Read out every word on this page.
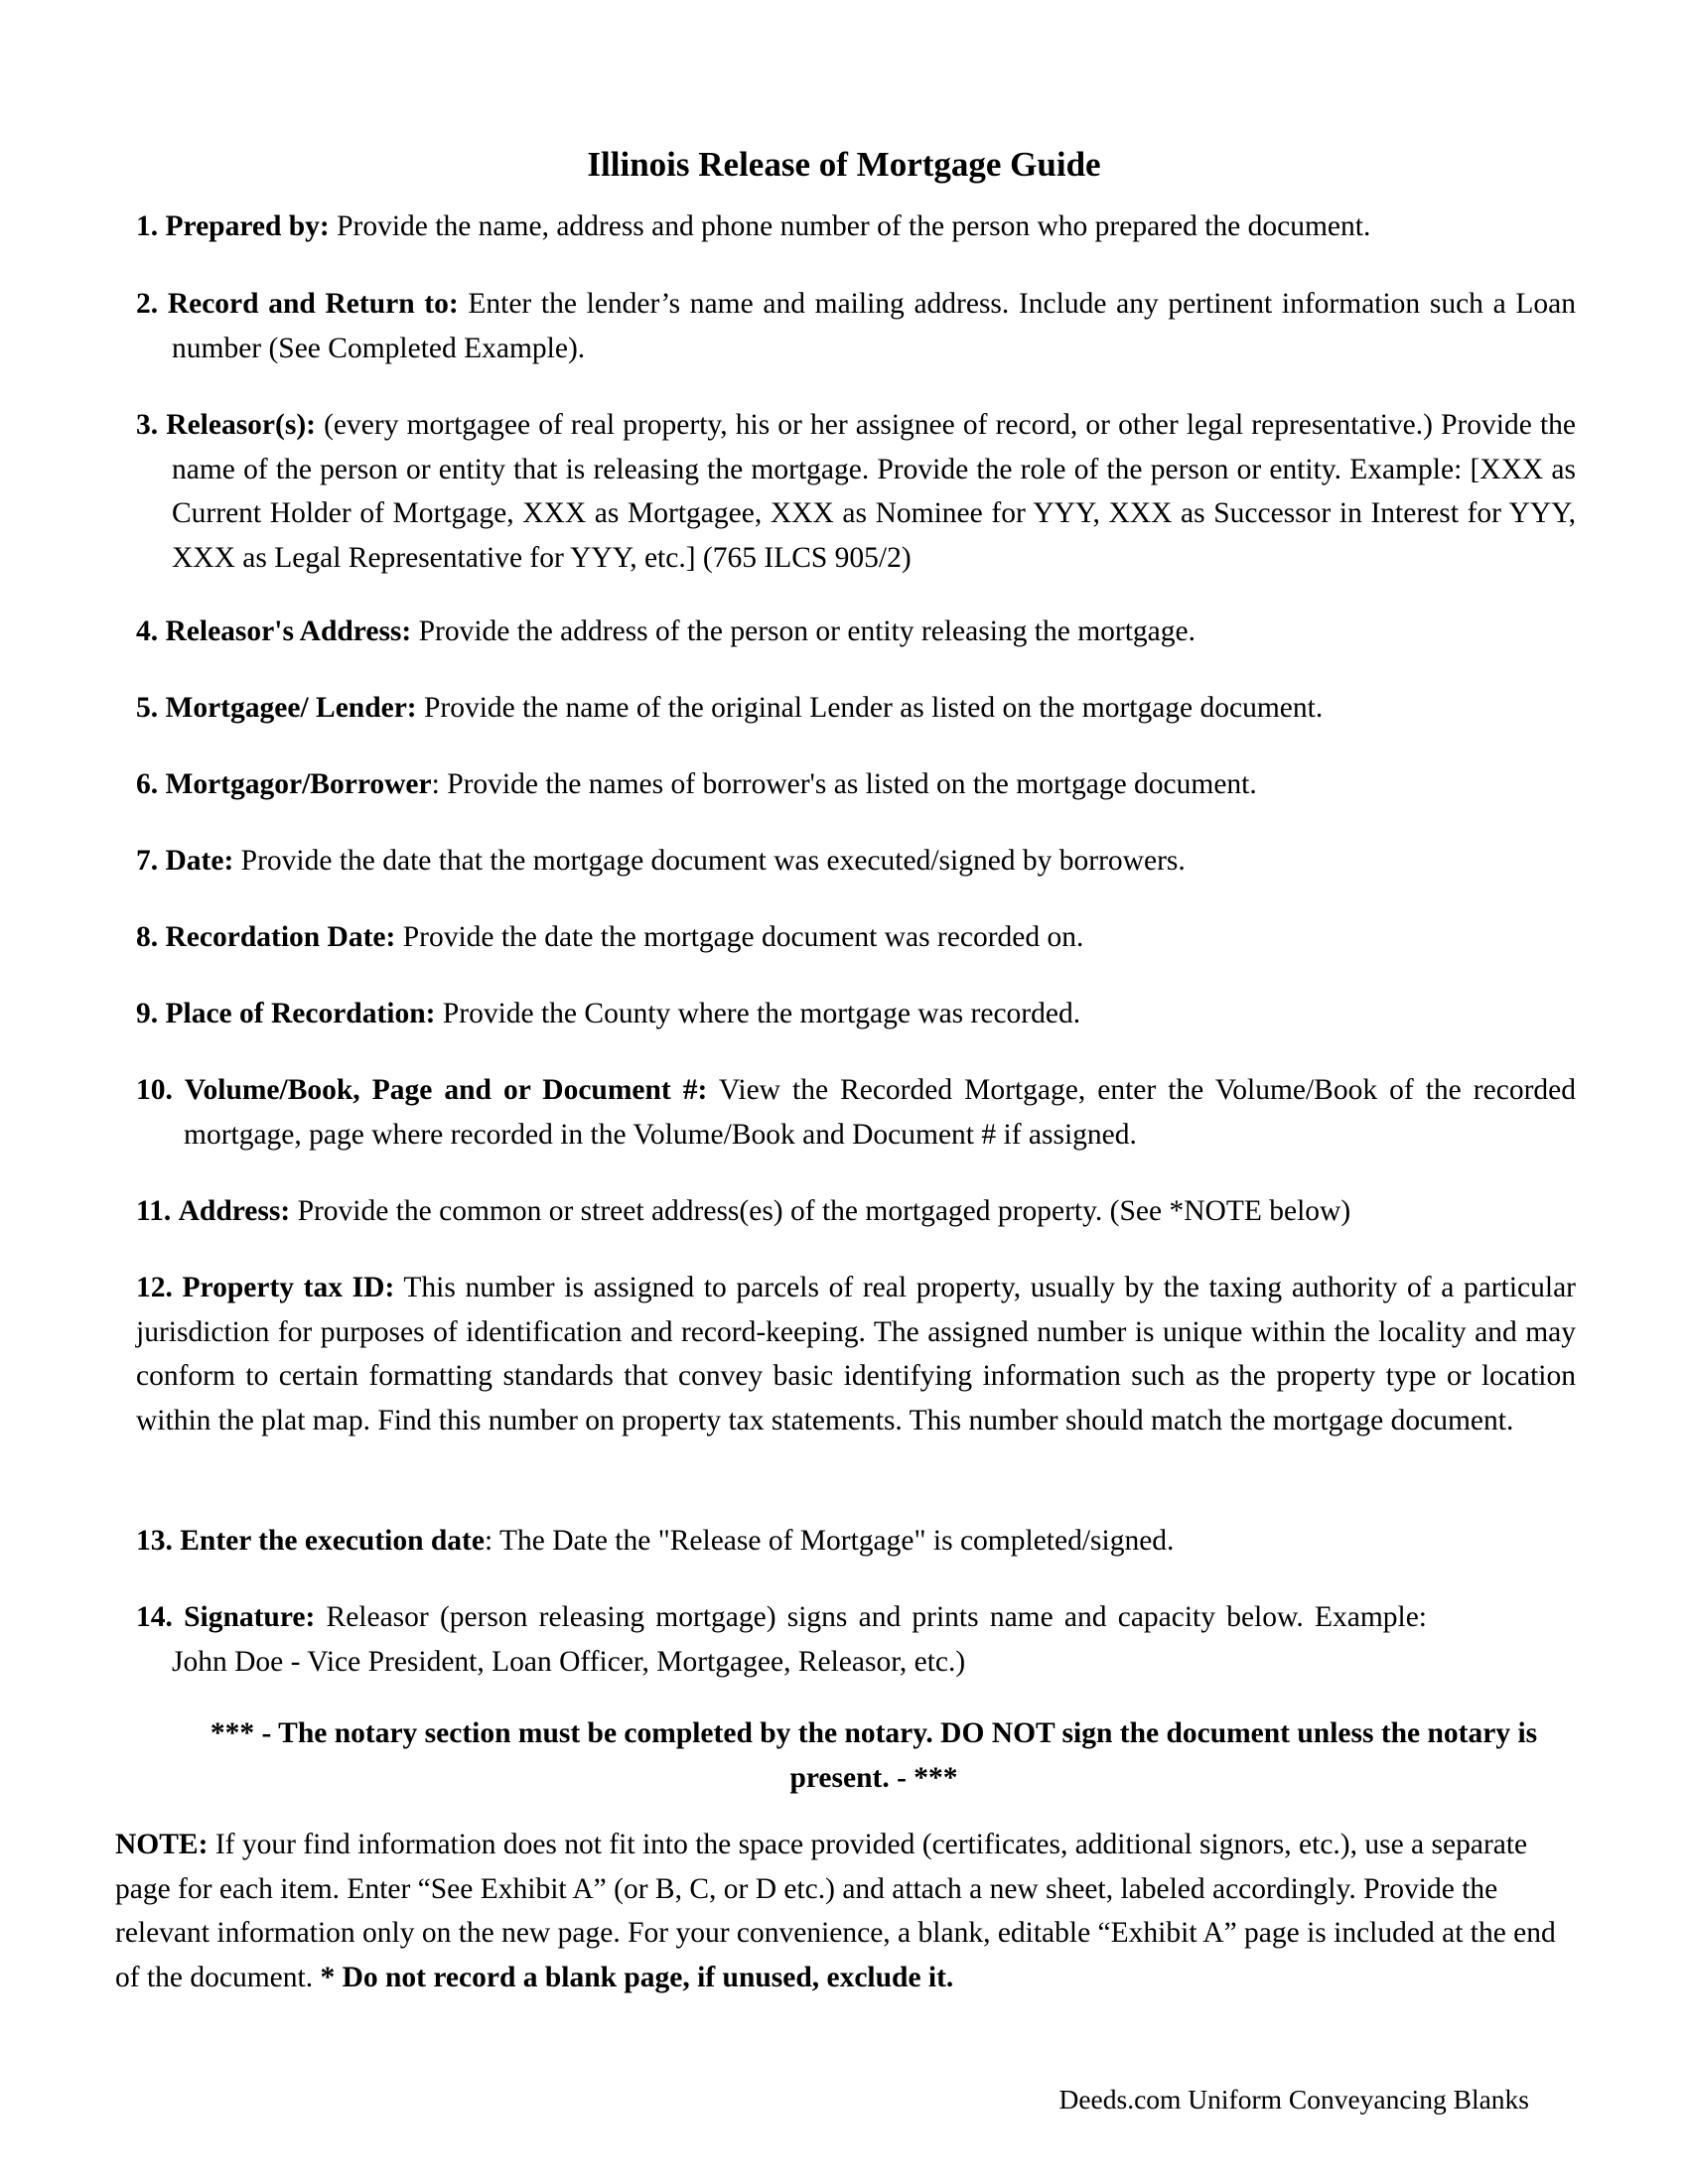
Illinois Release of Mortgage Guide
1. Prepared by: Provide the name, address and phone number of the person who prepared the document.
2. Record and Return to: Enter the lender’s name and mailing address. Include any pertinent information such a Loan number (See Completed Example).
3. Releasor(s): (every mortgagee of real property, his or her assignee of record, or other legal representative.) Provide the name of the person or entity that is releasing the mortgage. Provide the role of the person or entity. Example: [XXX as Current Holder of Mortgage, XXX as Mortgagee, XXX as Nominee for YYY, XXX as Successor in Interest for YYY, XXX as Legal Representative for YYY, etc.] (765 ILCS 905/2)
4. Releasor's Address: Provide the address of the person or entity releasing the mortgage.
5. Mortgagee/ Lender: Provide the name of the original Lender as listed on the mortgage document.
6. Mortgagor/Borrower: Provide the names of borrower's as listed on the mortgage document.
7. Date: Provide the date that the mortgage document was executed/signed by borrowers.
8. Recordation Date: Provide the date the mortgage document was recorded on.
9. Place of Recordation: Provide the County where the mortgage was recorded.
10. Volume/Book, Page and or Document #: View the Recorded Mortgage, enter the Volume/Book of the recorded mortgage, page where recorded in the Volume/Book and Document # if assigned.
11. Address: Provide the common or street address(es) of the mortgaged property. (See *NOTE below)
12. Property tax ID: This number is assigned to parcels of real property, usually by the taxing authority of a particular jurisdiction for purposes of identification and record-keeping. The assigned number is unique within the locality and may conform to certain formatting standards that convey basic identifying information such as the property type or location within the plat map. Find this number on property tax statements. This number should match the mortgage document.
13. Enter the execution date: The Date the "Release of Mortgage" is completed/signed.
14. Signature: Releasor (person releasing mortgage) signs and prints name and capacity below. Example: John Doe - Vice President, Loan Officer, Mortgagee, Releasor, etc.)
*** - The notary section must be completed by the notary. DO NOT sign the document unless the notary is present. - ***
NOTE: If your find information does not fit into the space provided (certificates, additional signors, etc.), use a separate page for each item. Enter “See Exhibit A” (or B, C, or D etc.) and attach a new sheet, labeled accordingly. Provide the relevant information only on the new page. For your convenience, a blank, editable “Exhibit A” page is included at the end of the document. * Do not record a blank page, if unused, exclude it.
Deeds.com Uniform Conveyancing Blanks
